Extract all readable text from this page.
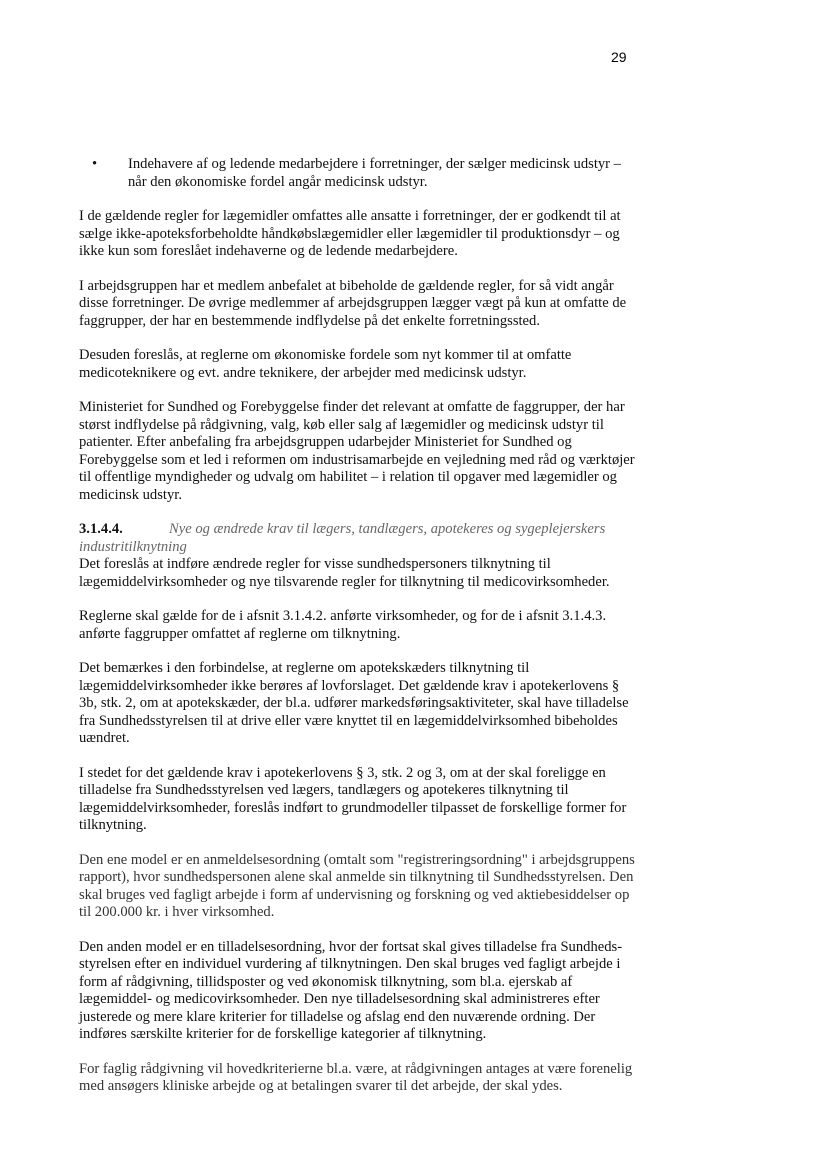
29
• Indehavere af og ledende medarbejdere i forretninger, der sælger medicinsk udstyr – når den økonomiske fordel angår medicinsk udstyr.

I de gældende regler for lægemidler omfattes alle ansatte i forretninger, der er godkendt til at sælge ikke-apoteksforbeholdte håndkøbslægemidler eller lægemidler til produktionsdyr – og ikke kun som foreslået indehaverne og de ledende medarbejdere.

I arbejdsgruppen har et medlem anbefalet at bibeholde de gældende regler, for så vidt angår disse forretninger. De øvrige medlemmer af arbejdsgruppen lægger vægt på kun at omfatte de faggrupper, der har en bestemmende indflydelse på det enkelte forretningssted.

Desuden foreslås, at reglerne om økonomiske fordele som nyt kommer til at omfatte medicoteknikere og evt. andre teknikere, der arbejder med medicinsk udstyr.

Ministeriet for Sundhed og Forebyggelse finder det relevant at omfatte de faggrupper, der har størst indflydelse på rådgivning, valg, køb eller salg af lægemidler og medicinsk udstyr til patienter. Efter anbefaling fra arbejdsgruppen udarbejder Ministeriet for Sundhed og Forebyggelse som et led i reformen om industrisamarbejde en vejledning med råd og værktøjer til offentlige myndigheder og udvalg om habilitet – i relation til opgaver med lægemidler og medicinsk udstyr.

3.1.4.4.	Nye og ændrede krav til lægers, tandlægers, apotekeres og sygeplejerskers industritilknytning

Det foreslås at indføre ændrede regler for visse sundhedspersoners tilknytning til lægemiddelvirksomheder og nye tilsvarende regler for tilknytning til medicovirksomheder.

Reglerne skal gælde for de i afsnit 3.1.4.2. anførte virksomheder, og for de i afsnit 3.1.4.3. anførte faggrupper omfattet af reglerne om tilknytning.

Det bemærkes i den forbindelse, at reglerne om apotekskæders tilknytning til lægemiddelvirksomheder ikke berøres af lovforslaget. Det gældende krav i apotekerlovens § 3b, stk. 2, om at apotekskæder, der bl.a. udfører markedsføringsaktiviteter, skal have tilladelse fra Sundhedsstyrelsen til at drive eller være knyttet til en lægemiddelvirksomhed bibeholdes uændret.

I stedet for det gældende krav i apotekerlovens § 3, stk. 2 og 3, om at der skal foreligge en tilladelse fra Sundhedsstyrelsen ved lægers, tandlægers og apotekeres tilknytning til lægemiddelvirksomheder, foreslås indført to grundmodeller tilpasset de forskellige former for tilknytning.

Den ene model er en anmeldelsesordning (omtalt som "registreringsordning" i arbejdsgruppens rapport), hvor sundhedspersonen alene skal anmelde sin tilknytning til Sundhedsstyrelsen. Den skal bruges ved fagligt arbejde i form af undervisning og forskning og ved aktiebesiddelser op til 200.000 kr. i hver virksomhed.

Den anden model er en tilladelsesordning, hvor der fortsat skal gives tilladelse fra Sundheds-styrelsen efter en individuel vurdering af tilknytningen. Den skal bruges ved fagligt arbejde i form af rådgivning, tillidsposter og ved økonomisk tilknytning, som bl.a. ejerskab af lægemiddel- og medicovirksomheder. Den nye tilladelsesordning skal administreres efter justerede og mere klare kriterier for tilladelse og afslag end den nuværende ordning. Der indføres særskilte kriterier for de forskellige kategorier af tilknytning.

For faglig rådgivning vil hovedkriterierne bl.a. være, at rådgivningen antages at være forenelig med ansøgers kliniske arbejde og at betalingen svarer til det arbejde, der skal ydes.
